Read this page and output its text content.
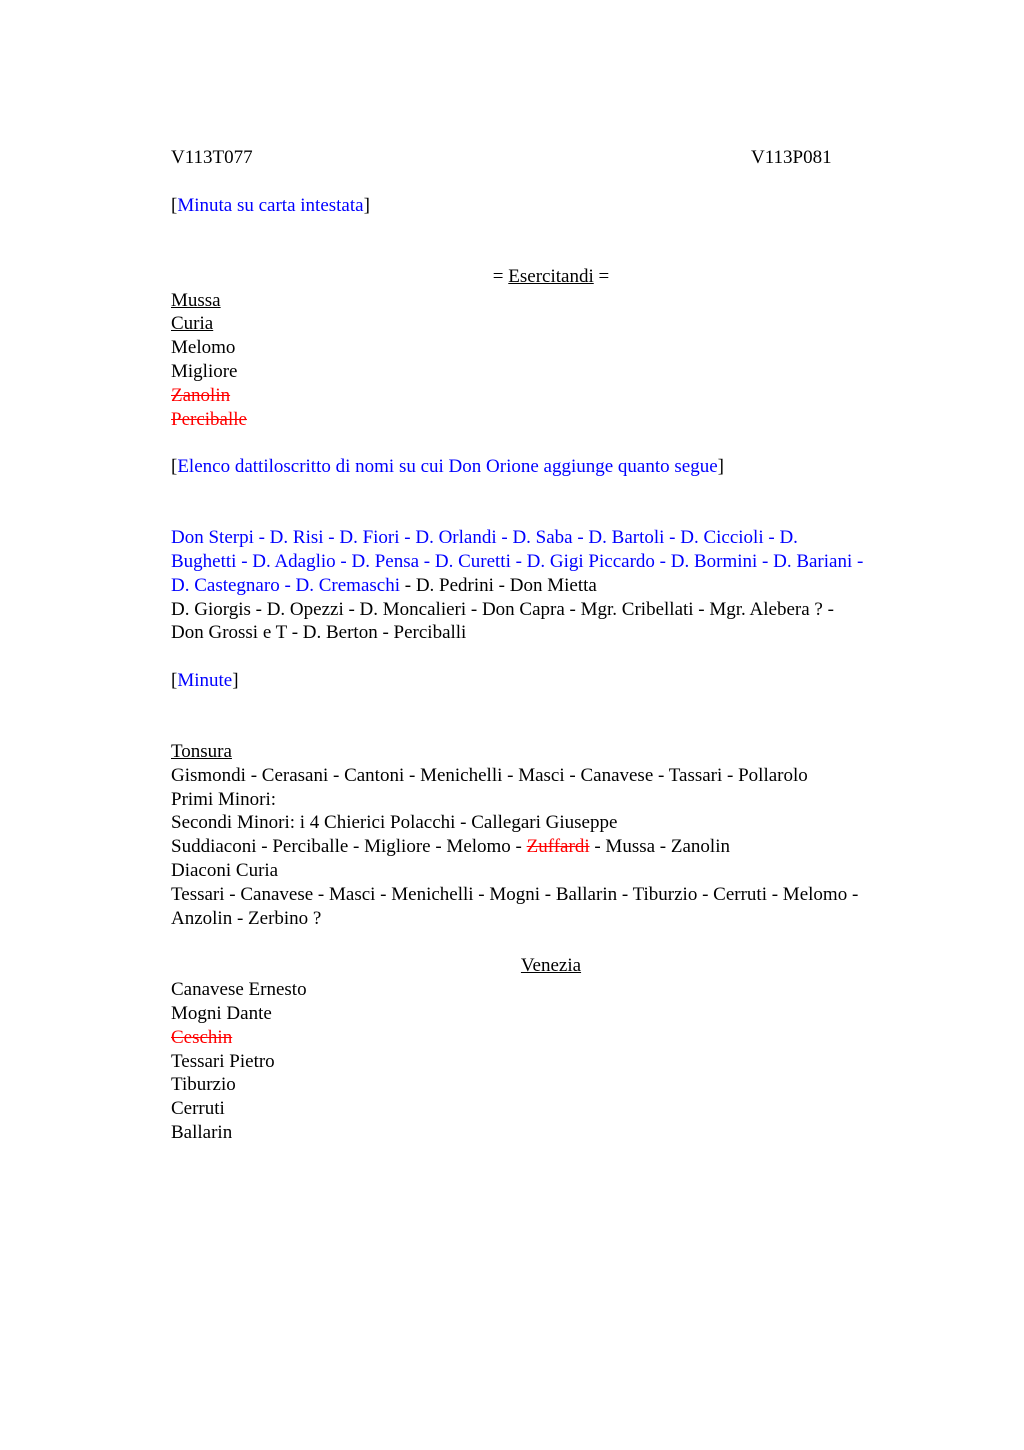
V113T077	V113P081
[Minuta su carta intestata]
= Esercitandi =
Mussa
Curia
Melomo
Migliore
Zanolin
Perciballe
[Elenco dattiloscritto di nomi su cui Don Orione aggiunge quanto segue]
Don Sterpi - D. Risi - D. Fiori - D. Orlandi - D. Saba - D. Bartoli - D. Ciccioli - D.
Bughetti - D. Adaglio - D. Pensa - D. Curetti - D. Gigi Piccardo - D. Bormini - D. Bariani -
D. Castegnaro - D. Cremaschi - D. Pedrini - Don Mietta
D. Giorgis - D. Opezzi - D. Moncalieri - Don Capra - Mgr. Cribellati - Mgr. Alebera ? -
Don Grossi e T - D. Berton - Perciballi
[Minute]
Tonsura
Gismondi - Cerasani - Cantoni - Menichelli - Masci - Canavese - Tassari - Pollarolo
Primi Minori:
Secondi Minori: i 4 Chierici Polacchi - Callegari Giuseppe
Suddiaconi - Perciballe - Migliore - Melomo - Zuffardi - Mussa - Zanolin
Diaconi Curia
Tessari - Canavese - Masci - Menichelli - Mogni - Ballarin - Tiburzio - Cerruti - Melomo -
Anzolin - Zerbino ?
Venezia
Canavese Ernesto
Mogni Dante
Ceschin
Tessari Pietro
Tiburzio
Cerruti
Ballarin
